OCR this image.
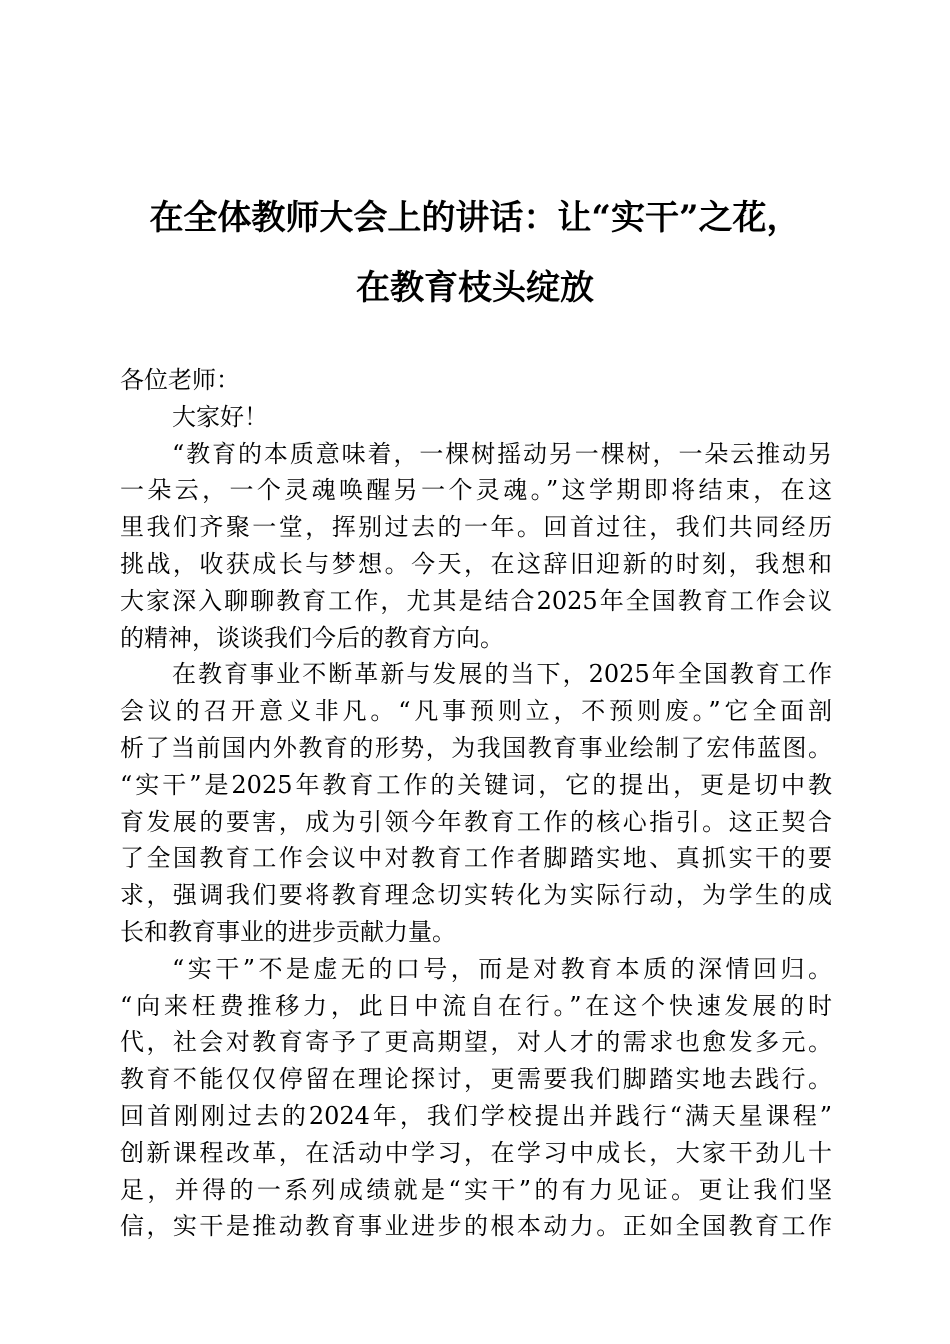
在全体教师大会上的讲话：让“实干”之花，
在教育枝头绽放
各位老师：
大家好！
“教育的本质意味着，一棵树摇动另一棵树，一朵云推动另
一朵云，一个灵魂唤醒另一个灵魂。”这学期即将结束，在这
里我们齐聚一堂，挥别过去的一年。回首过往，我们共同经历
挑战，收获成长与梦想。今天，在这辞旧迎新的时刻，我想和
大家深入聊聊教育工作，尤其是结合2025年全国教育工作会议
的精神，谈谈我们今后的教育方向。
在教育事业不断革新与发展的当下，2025年全国教育工作
会议的召开意义非凡。“凡事预则立，不预则废。”它全面剖
析了当前国内外教育的形势，为我国教育事业绘制了宏伟蓝图。
“实干”是2025年教育工作的关键词，它的提出，更是切中教
育发展的要害，成为引领今年教育工作的核心指引。这正契合
了全国教育工作会议中对教育工作者脚踏实地、真抓实干的要
求，强调我们要将教育理念切实转化为实际行动，为学生的成
长和教育事业的进步贡献力量。
“实干”不是虚无的口号，而是对教育本质的深情回归。
“向来枉费推移力，此日中流自在行。”在这个快速发展的时
代，社会对教育寄予了更高期望，对人才的需求也愈发多元。
教育不能仅仅停留在理论探讨，更需要我们脚踏实地去践行。
回首刚刚过去的2024年，我们学校提出并践行“满天星课程”
创新课程改革，在活动中学习，在学习中成长，大家干劲儿十
足，并得的一系列成绩就是“实干”的有力见证。更让我们坚
信，实干是推动教育事业进步的根本动力。正如全国教育工作
